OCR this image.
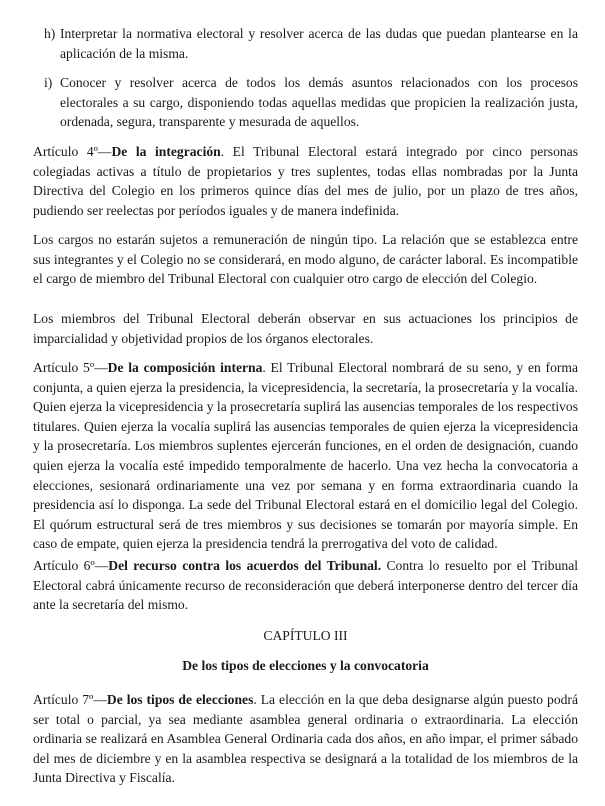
h) Interpretar la normativa electoral y resolver acerca de las dudas que puedan plantearse en la aplicación de la misma.
i) Conocer y resolver acerca de todos los demás asuntos relacionados con los procesos electorales a su cargo, disponiendo todas aquellas medidas que propicien la realización justa, ordenada, segura, transparente y mesurada de aquellos.

Artículo 4º—De la integración. El Tribunal Electoral estará integrado por cinco personas colegiadas activas a título de propietarios y tres suplentes, todas ellas nombradas por la Junta Directiva del Colegio en los primeros quince días del mes de julio, por un plazo de tres años, pudiendo ser reelectas por períodos iguales y de manera indefinida.

Los cargos no estarán sujetos a remuneración de ningún tipo. La relación que se establezca entre sus integrantes y el Colegio no se considerará, en modo alguno, de carácter laboral. Es incompatible el cargo de miembro del Tribunal Electoral con cualquier otro cargo de elección del Colegio.

Los miembros del Tribunal Electoral deberán observar en sus actuaciones los principios de imparcialidad y objetividad propios de los órganos electorales.

Artículo 5º—De la composición interna. El Tribunal Electoral nombrará de su seno, y en forma conjunta, a quien ejerza la presidencia, la vicepresidencia, la secretaría, la prosecretaría y la vocalía. Quien ejerza la vicepresidencia y la prosecretaría suplirá las ausencias temporales de los respectivos titulares. Quien ejerza la vocalía suplirá las ausencias temporales de quien ejerza la vicepresidencia y la prosecretaría. Los miembros suplentes ejercerán funciones, en el orden de designación, cuando quien ejerza la vocalía esté impedido temporalmente de hacerlo. Una vez hecha la convocatoria a elecciones, sesionará ordinariamente una vez por semana y en forma extraordinaria cuando la presidencia así lo disponga. La sede del Tribunal Electoral estará en el domicilio legal del Colegio. El quórum estructural será de tres miembros y sus decisiones se tomarán por mayoría simple. En caso de empate, quien ejerza la presidencia tendrá la prerrogativa del voto de calidad.

Artículo 6º—Del recurso contra los acuerdos del Tribunal. Contra lo resuelto por el Tribunal Electoral cabrá únicamente recurso de reconsideración que deberá interponerse dentro del tercer día ante la secretaría del mismo.

CAPÍTULO III

De los tipos de elecciones y la convocatoria

Artículo 7º—De los tipos de elecciones. La elección en la que deba designarse algún puesto podrá ser total o parcial, ya sea mediante asamblea general ordinaria o extraordinaria. La elección ordinaria se realizará en Asamblea General Ordinaria cada dos años, en año impar, el primer sábado del mes de diciembre y en la asamblea respectiva se designará a la totalidad de los miembros de la Junta Directiva y Fiscalía.
